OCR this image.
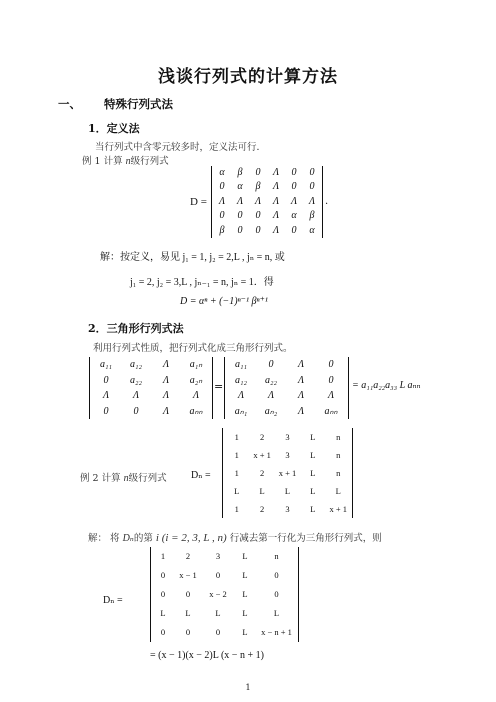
浅谈行列式的计算方法
一、 特殊行列式法
1．定义法
当行列式中含零元较多时，定义法可行．
例 1 计算 n级行列式
D =
α	β	0	Λ	0	0
0	α	β	Λ	0	0
Λ	Λ	Λ	Λ	Λ	Λ
0	0	0	Λ	α	β
β	0	0	Λ	0	α
.
解：按定义，易见 j₁ = 1, j₂ = 2,L , jₙ = n, 或
j₁ = 2, j₂ = 3,L , jₙ₋₁ = n, jₙ = 1．得
D = αⁿ + (−1)ⁿ⁻¹ βⁿ⁺¹
2．三角形行列式法
利用行列式性质，把行列式化成三角形行列式。
a₁₁	a₁₂	Λ	a₁ₙ
0	a₂₂	Λ	a₂ₙ
Λ	Λ	Λ	Λ
0	0	Λ	aₙₙ
=
a₁₁	0	Λ	0
a₁₂	a₂₂	Λ	0
Λ	Λ	Λ	Λ
aₙ₁	aₙ₂	Λ	aₙₙ
= a₁₁a₂₂a₃₃ L aₙₙ
例 2 计算 n级行列式 Dₙ =
1	2	3	L	n
1	x + 1	3	L	n
1	2	x + 1	L	n
L	L	L	L	L
1	2	3	L	x + 1
解： 将 Dₙ的第 i (i = 2, 3, L , n) 行减去第一行化为三角形行列式，则
Dₙ =
1	2	3	L	n
0	x − 1	0	L	0
0	0	x − 2	L	0
L	L	L	L	L
0	0	0	L	x − n + 1
= (x − 1)(x − 2)L (x − n + 1)
1
